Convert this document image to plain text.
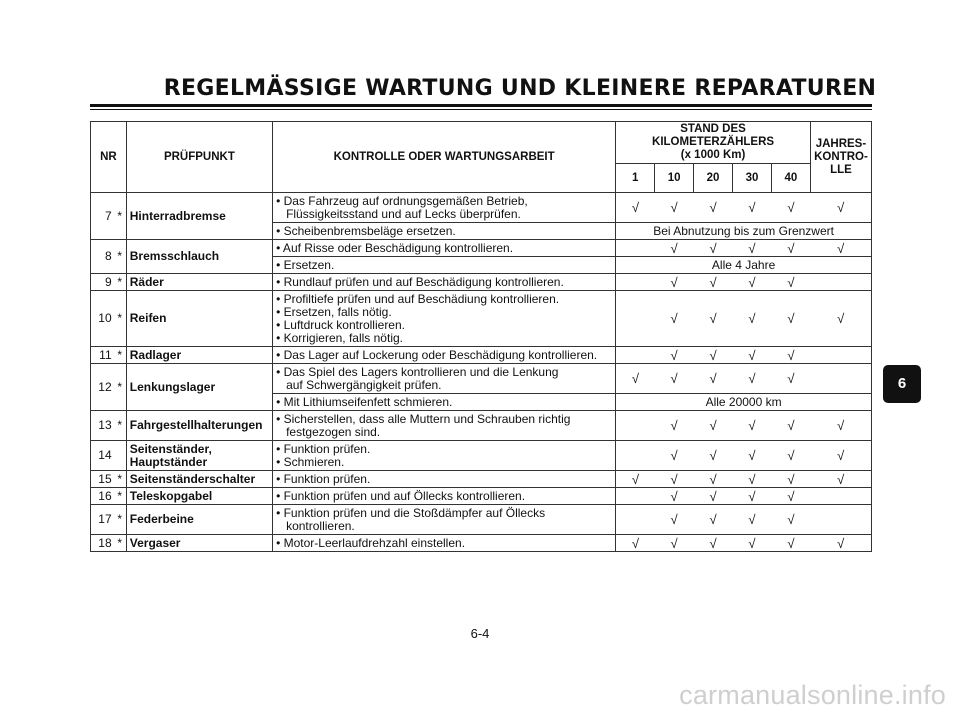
REGELMÄSSIGE WARTUNG UND KLEINERE REPARATUREN
NR		PRÜFPUNKT	KONTROLLE ODER WARTUNGSARBEIT	STAND DES KILOMETERZÄHLERS
(x 1000 Km)					JAHRES-
KONTRO-
LLE

				1	10	20	30	40	
7	*	Hinterradbremse	• Das Fahrzeug auf ordnungsgemäßen Betrieb,
Flüssigkeitsstand und auf Lecks überprüfen.	√	√	√	√	√	√

			• Scheibenbremsbeläge ersetzen.	Bei Abnutzung bis zum Grenzwert					
8	*	Bremsschlauch	• Auf Risse oder Beschädigung kontrollieren.		√	√	√	√	√

			• Ersetzen.	Alle 4 Jahre					
9	*	Räder	• Rundlauf prüfen und auf Beschädigung kontrollieren.		√	√	√	√	
10	*	Reifen	• Profiltiefe prüfen und auf Beschädiung kontrollieren.
• Ersetzen, falls nötig.
• Luftdruck kontrollieren.
• Korrigieren, falls nötig.		√	√	√	√	√
11	*	Radlager	• Das Lager auf Lockerung oder Beschädigung kontrollieren.		√	√	√	√	
12	*	Lenkungslager	• Das Spiel des Lagers kontrollieren und die Lenkung
auf Schwergängigkeit prüfen.	√	√	√	√	√	

			• Mit Lithiumseifenfett schmieren.	Alle 20000 km					
13	*	Fahrgestellhalterungen	• Sicherstellen, dass alle Muttern und Schrauben richtig
festgezogen sind.		√	√	√	√	√
14		Seitenständer, Hauptständer	• Funktion prüfen.
• Schmieren.		√	√	√	√	√
15	*	Seitenständerschalter	• Funktion prüfen.	√	√	√	√	√	√
16	*	Teleskopgabel	• Funktion prüfen und auf Öllecks kontrollieren.		√	√	√	√	
17	*	Federbeine	• Funktion prüfen und die Stoßdämpfer auf Öllecks
kontrollieren.		√	√	√	√	
18	*	Vergaser	• Motor-Leerlaufdrehzahl einstellen.	√	√	√	√	√	√
6
6-4
carmanualsonline.info
